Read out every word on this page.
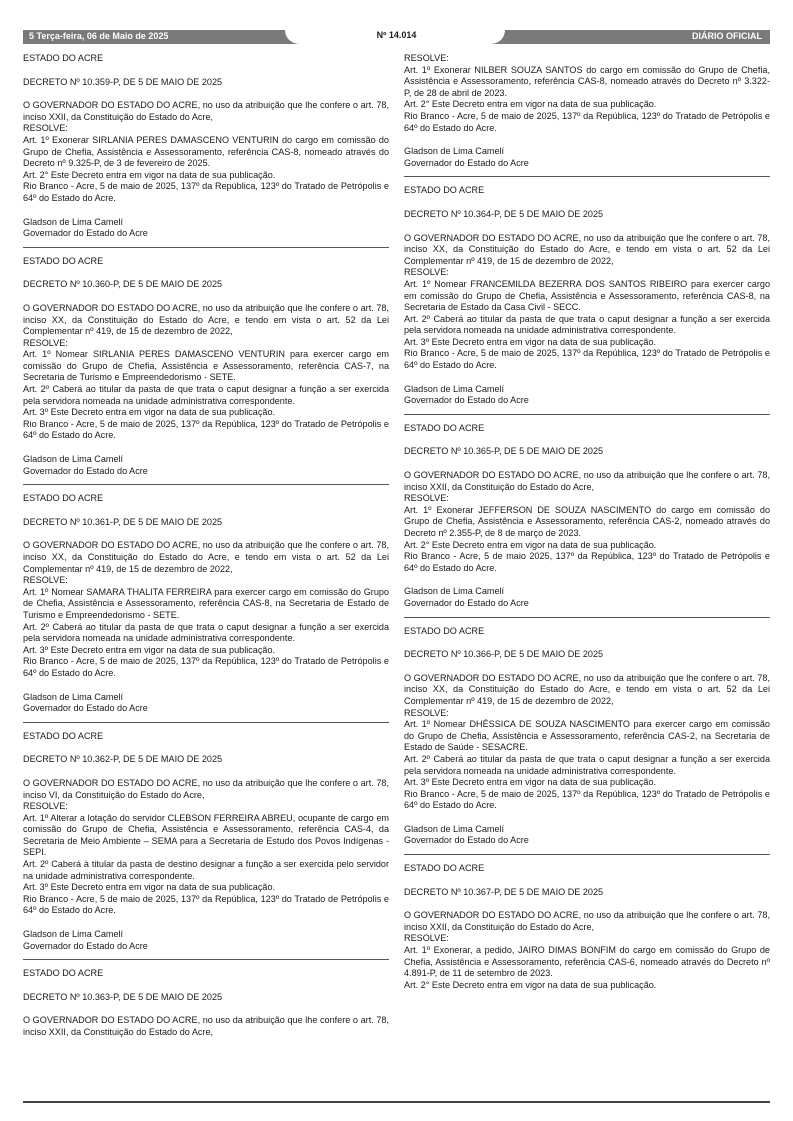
5 Terça-feira, 06 de Maio de 2025	Nº 14.014	DIÁRIO OFICIAL

ESTADO DO ACRE

DECRETO Nº 10.359-P, DE 5 DE MAIO DE 2025

O GOVERNADOR DO ESTADO DO ACRE, no uso da atribuição que lhe confere o art. 78, inciso XXII, da Constituição do Estado do Acre,

RESOLVE:

Art. 1º Exonerar SIRLANIA PERES DAMASCENO VENTURIN do cargo em comissão do Grupo de Chefia, Assistência e Assessoramento, referência CAS-8, nomeado através do Decreto nº 9.325-P, de 3 de fevereiro de 2025.

Art. 2° Este Decreto entra em vigor na data de sua publicação.

Rio Branco - Acre, 5 de maio de 2025, 137º da República, 123º do Tratado de Petrópolis e 64º do Estado do Acre.

Gladson de Lima Camelí

Governador do Estado do Acre

ESTADO DO ACRE

DECRETO Nº 10.360-P, DE 5 DE MAIO DE 2025

O GOVERNADOR DO ESTADO DO ACRE, no uso da atribuição que lhe confere o art. 78, inciso XX, da Constituição do Estado do Acre, e tendo em vista o art. 52 da Lei Complementar nº 419, de 15 de dezembro de 2022,

RESOLVE:

Art. 1º Nomear SIRLANIA PERES DAMASCENO VENTURIN para exercer cargo em comissão do Grupo de Chefia, Assistência e Assessoramento, referência CAS-7, na Secretaria de Turismo e Empreendedorismo - SETE.

Art. 2º Caberá ao titular da pasta de que trata o caput designar a função a ser exercida pela servidora nomeada na unidade administrativa correspondente.

Art. 3º Este Decreto entra em vigor na data de sua publicação.

Rio Branco - Acre, 5 de maio de 2025, 137º da República, 123º do Tratado de Petrópolis e 64º do Estado do Acre.

Gladson de Lima Camelí

Governador do Estado do Acre

ESTADO DO ACRE

DECRETO Nº 10.361-P, DE 5 DE MAIO DE 2025

O GOVERNADOR DO ESTADO DO ACRE, no uso da atribuição que lhe confere o art. 78, inciso XX, da Constituição do Estado do Acre, e tendo em vista o art. 52 da Lei Complementar nº 419, de 15 de dezembro de 2022,

RESOLVE:

Art. 1º Nomear SAMARA THALITA FERREIRA para exercer cargo em comissão do Grupo de Chefia, Assistência e Assessoramento, referência CAS-8, na Secretaria de Estado de Turismo e Empreendedorismo - SETE.

Art. 2º Caberá ao titular da pasta de que trata o caput designar a função a ser exercida pela servidora nomeada na unidade administrativa correspondente.

Art. 3º Este Decreto entra em vigor na data de sua publicação.

Rio Branco - Acre, 5 de maio de 2025, 137º da República, 123º do Tratado de Petrópolis e 64º do Estado do Acre.

Gladson de Lima Camelí

Governador do Estado do Acre

ESTADO DO ACRE

DECRETO Nº 10.362-P, DE 5 DE MAIO DE 2025

O GOVERNADOR DO ESTADO DO ACRE, no uso da atribuição que lhe confere o art. 78, inciso VI, da Constituição do Estado do Acre,

RESOLVE:

Art. 1º Alterar a lotação do servidor CLEBSON FERREIRA ABREU, ocupante de cargo em comissão do Grupo de Chefia, Assistência e Assessoramento, referência CAS-4, da Secretaria de Meio Ambiente – SEMA para a Secretaria de Estudo dos Povos Indígenas - SEPI.

Art. 2º Caberá à titular da pasta de destino designar a função a ser exercida pelo servidor na unidade administrativa correspondente.

Art. 3º Este Decreto entra em vigor na data de sua publicação.

Rio Branco - Acre, 5 de maio de 2025, 137º da República, 123º do Tratado de Petrópolis e 64º do Estado do Acre.

Gladson de Lima Camelí

Governador do Estado do Acre

ESTADO DO ACRE

DECRETO Nº 10.363-P, DE 5 DE MAIO DE 2025

O GOVERNADOR DO ESTADO DO ACRE, no uso da atribuição que lhe confere o art. 78, inciso XXII, da Constituição do Estado do Acre,

RESOLVE:

Art. 1º Exonerar NILBER SOUZA SANTOS do cargo em comissão do Grupo de Chefia, Assistência e Assessoramento, referência CAS-8, nomeado através do Decreto nº 3.322-P, de 28 de abril de 2023.

Art. 2° Este Decreto entra em vigor na data de sua publicação.

Rio Branco - Acre, 5 de maio de 2025, 137º da República, 123º do Tratado de Petrópolis e 64º do Estado do Acre.

Gladson de Lima Camelí

Governador do Estado do Acre

ESTADO DO ACRE

DECRETO Nº 10.364-P, DE 5 DE MAIO DE 2025

O GOVERNADOR DO ESTADO DO ACRE, no uso da atribuição que lhe confere o art. 78, inciso XX, da Constituição do Estado do Acre, e tendo em vista o art. 52 da Lei Complementar nº 419, de 15 de dezembro de 2022,

RESOLVE:

Art. 1º Nomear FRANCEMILDA BEZERRA DOS SANTOS RIBEIRO para exercer cargo em comissão do Grupo de Chefia, Assistência e Assessoramento, referência CAS-8, na Secretaria de Estado da Casa Civil - SECC.

Art. 2º Caberá ao titular da pasta de que trata o caput designar a função a ser exercida pela servidora nomeada na unidade administrativa correspondente.

Art. 3º Este Decreto entra em vigor na data de sua publicação.

Rio Branco - Acre, 5 de maio de 2025, 137º da República, 123º do Tratado de Petrópolis e 64º do Estado do Acre.

Gladson de Lima Camelí

Governador do Estado do Acre

ESTADO DO ACRE

DECRETO Nº 10.365-P, DE 5 DE MAIO DE 2025

O GOVERNADOR DO ESTADO DO ACRE, no uso da atribuição que lhe confere o art. 78, inciso XXII, da Constituição do Estado do Acre,

RESOLVE:

Art. 1º Exonerar JEFFERSON DE SOUZA NASCIMENTO do cargo em comissão do Grupo de Chefia, Assistência e Assessoramento, referência CAS-2, nomeado através do Decreto nº 2.355-P, de 8 de março de 2023.

Art. 2° Este Decreto entra em vigor na data de sua publicação.

Rio Branco - Acre, 5 de maio 2025, 137º da República, 123º do Tratado de Petrópolis e 64º do Estado do Acre.

Gladson de Lima Camelí

Governador do Estado do Acre

ESTADO DO ACRE

DECRETO Nº 10.366-P, DE 5 DE MAIO DE 2025

O GOVERNADOR DO ESTADO DO ACRE, no uso da atribuição que lhe confere o art. 78, inciso XX, da Constituição do Estado do Acre, e tendo em vista o art. 52 da Lei Complementar nº 419, de 15 de dezembro de 2022,

RESOLVE:

Art. 1º Nomear DHÉSSICA DE SOUZA NASCIMENTO para exercer cargo em comissão do Grupo de Chefia, Assistência e Assessoramento, referência CAS-2, na Secretaria de Estado de Saúde - SESACRE.

Art. 2º Caberá ao titular da pasta de que trata o caput designar a função a ser exercida pela servidora nomeada na unidade administrativa correspondente.

Art. 3º Este Decreto entra em vigor na data de sua publicação.

Rio Branco - Acre, 5 de maio de 2025, 137º da República, 123º do Tratado de Petrópolis e 64º do Estado do Acre.

Gladson de Lima Camelí

Governador do Estado do Acre

ESTADO DO ACRE

DECRETO Nº 10.367-P, DE 5 DE MAIO DE 2025

O GOVERNADOR DO ESTADO DO ACRE, no uso da atribuição que lhe confere o art. 78, inciso XXII, da Constituição do Estado do Acre,

RESOLVE:

Art. 1º Exonerar, a pedido, JAIRO DIMAS BONFIM do cargo em comissão do Grupo de Chefia, Assistência e Assessoramento, referência CAS-6, nomeado através do Decreto nº 4.891-P, de 11 de setembro de 2023.

Art. 2° Este Decreto entra em vigor na data de sua publicação.
